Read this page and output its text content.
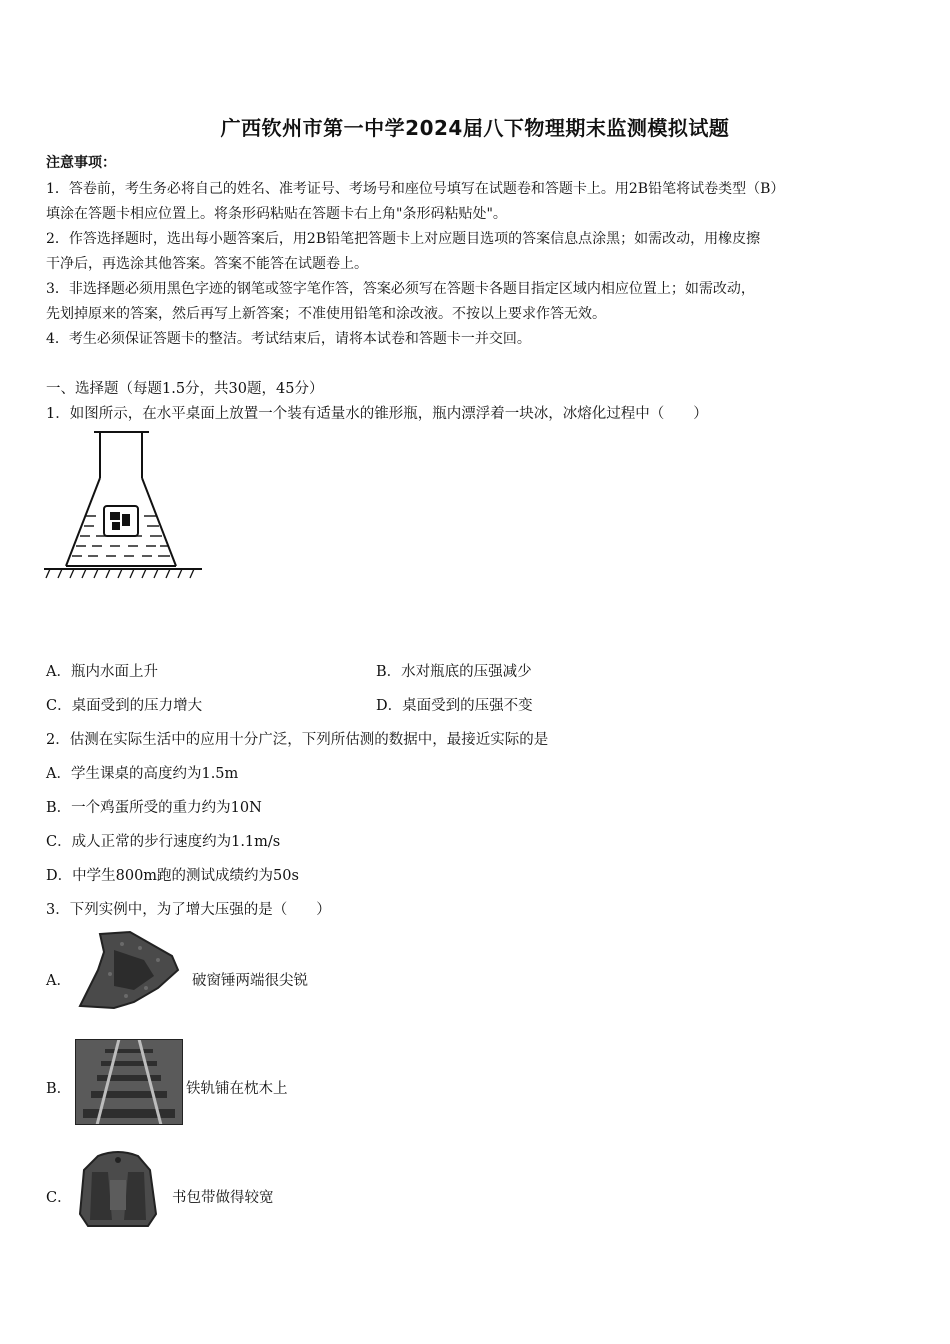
广西钦州市第一中学2024届八下物理期末监测模拟试题
注意事项：
1．答卷前，考生务必将自己的姓名、准考证号、考场号和座位号填写在试题卷和答题卡上。用2B铅笔将试卷类型（B）
填涂在答题卡相应位置上。将条形码粘贴在答题卡右上角"条形码粘贴处"。
2．作答选择题时，选出每小题答案后，用2B铅笔把答题卡上对应题目选项的答案信息点涂黑；如需改动，用橡皮擦
干净后，再选涂其他答案。答案不能答在试题卷上。
3．非选择题必须用黑色字迹的钢笔或签字笔作答，答案必须写在答题卡各题目指定区域内相应位置上；如需改动，
先划掉原来的答案，然后再写上新答案；不准使用铅笔和涂改液。不按以上要求作答无效。
4．考生必须保证答题卡的整洁。考试结束后，请将本试卷和答题卡一并交回。
一、选择题（每题1.5分，共30题，45分）
1．如图所示，在水平桌面上放置一个装有适量水的锥形瓶，瓶内漂浮着一块冰，冰熔化过程中（　　）
A．瓶内水面上升	B．水对瓶底的压强减少
C．桌面受到的压力增大	D．桌面受到的压强不变
2．估测在实际生活中的应用十分广泛，下列所估测的数据中，最接近实际的是
A．学生课桌的高度约为1.5m
B．一个鸡蛋所受的重力约为10N
C．成人正常的步行速度约为1.1m/s
D．中学生800m跑的测试成绩约为50s
3．下列实例中，为了增大压强的是（　　）
A．	破窗锤两端很尖锐
B．	铁轨铺在枕木上
C．	书包带做得较宽
